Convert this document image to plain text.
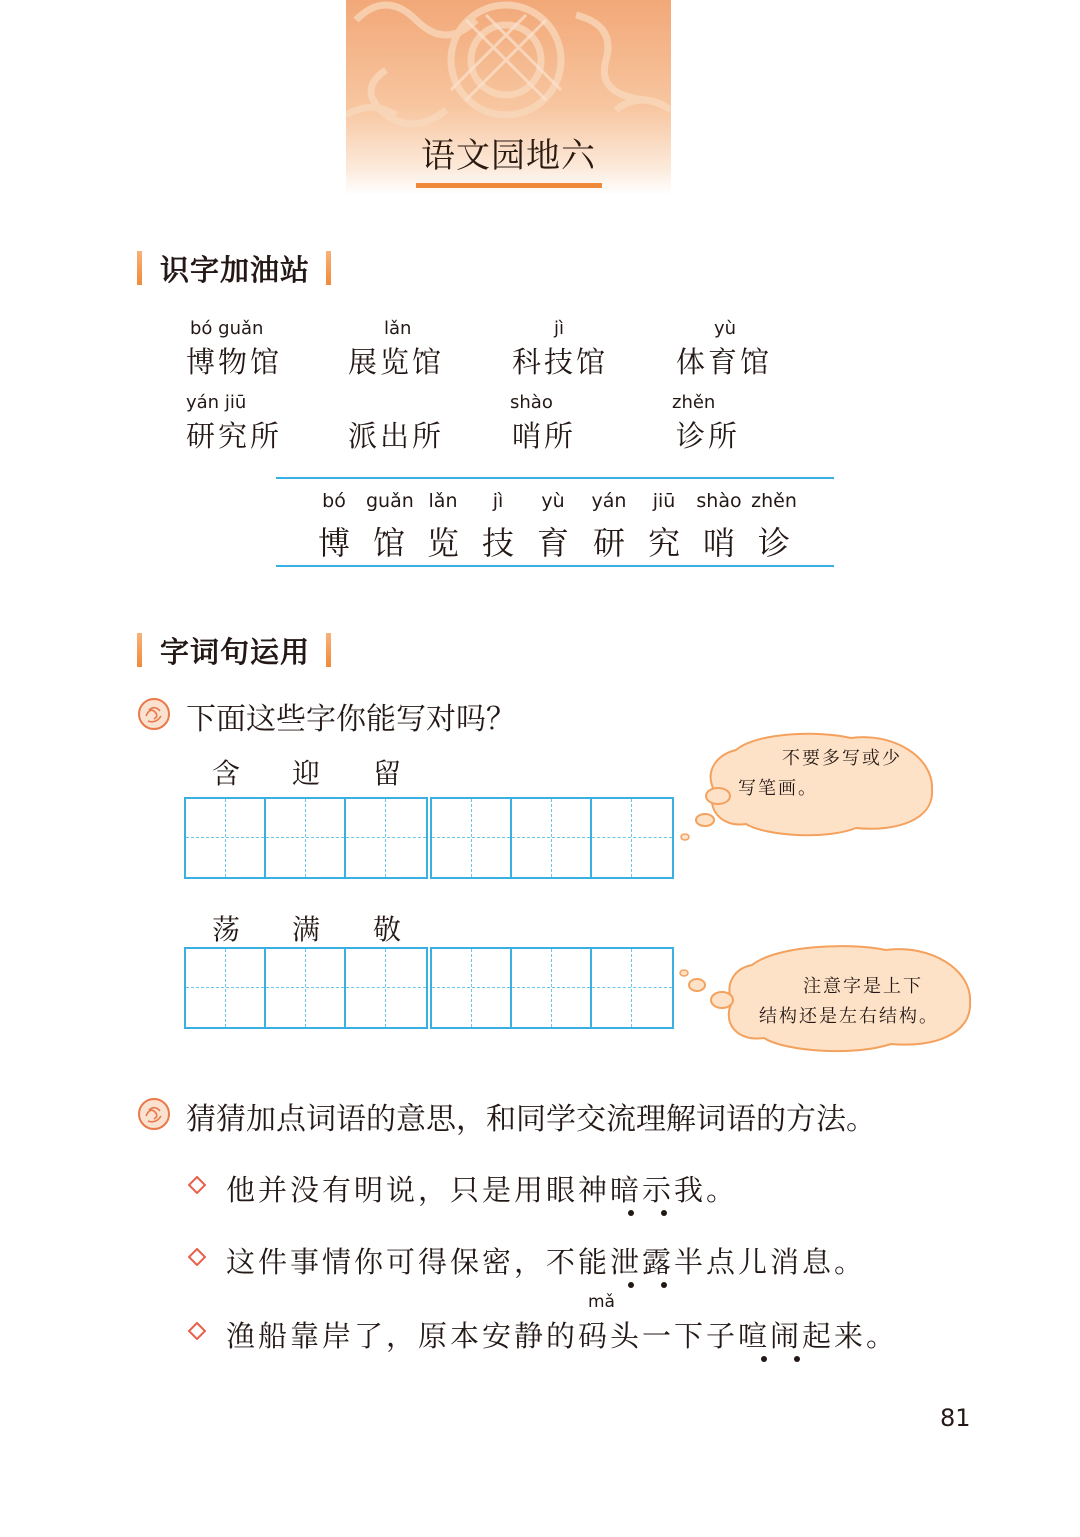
语文园地六
识字加油站
bó guǎn
博物馆
lǎn
展览馆
jì
科技馆
yù
体育馆
yán jiū
研究所 派出所
shào
哨所
zhěn
诊所
bó
博
guǎn
馆
lǎn
览
jì
技
yù
育
yán
研
jiū
究
shào
哨
zhěn
诊
字词句运用
下面这些字你能写对吗？
含 迎 留
荡 满 敬
不要多写或少
写笔画。
注意字是上下
结构还是左右结构。
猜猜加点词语的意思，和同学交流理解词语的方法。
他并没有明说，只是用眼神暗示我。
这件事情你可得保密，不能泄露半点儿消息。
渔船靠岸了，原本安静的码头一下子喧闹起来。
mǎ
81
